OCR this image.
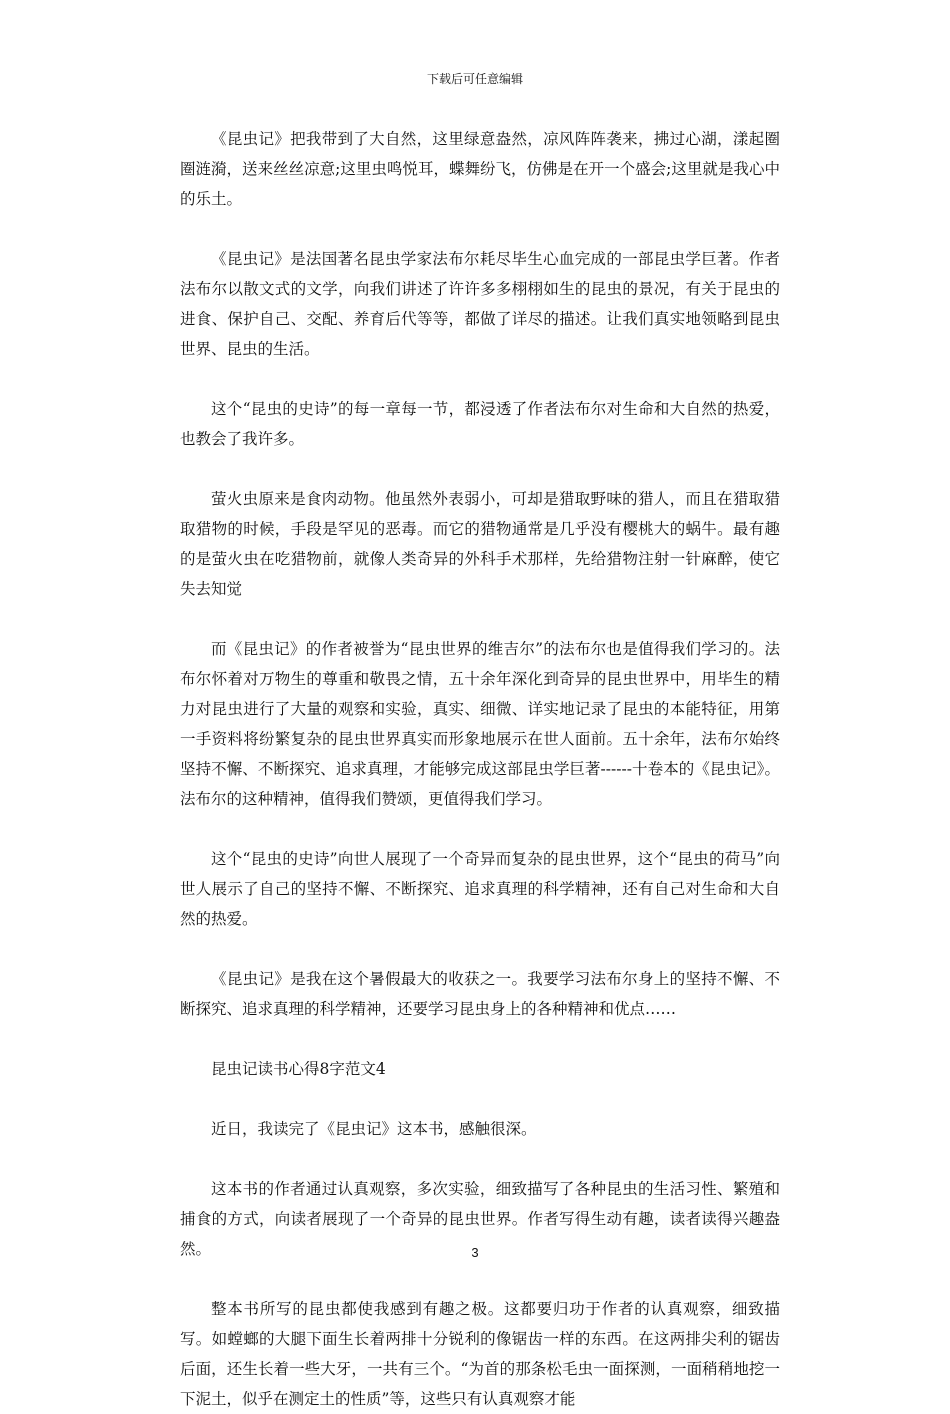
下载后可任意编辑

《昆虫记》把我带到了大自然，这里绿意盎然，凉风阵阵袭来，拂过心湖，漾起圈圈涟漪，送来丝丝凉意;这里虫鸣悦耳，蝶舞纷飞，仿佛是在开一个盛会;这里就是我心中的乐土。

《昆虫记》是法国著名昆虫学家法布尔耗尽毕生心血完成的一部昆虫学巨著。作者法布尔以散文式的文学，向我们讲述了许许多多栩栩如生的昆虫的景况，有关于昆虫的进食、保护自己、交配、养育后代等等，都做了详尽的描述。让我们真实地领略到昆虫世界、昆虫的生活。

这个“昆虫的史诗”的每一章每一节，都浸透了作者法布尔对生命和大自然的热爱，也教会了我许多。

萤火虫原来是食肉动物。他虽然外表弱小，可却是猎取野味的猎人，而且在猎取猎取猎物的时候，手段是罕见的恶毒。而它的猎物通常是几乎没有樱桃大的蜗牛。最有趣的是萤火虫在吃猎物前，就像人类奇异的外科手术那样，先给猎物注射一针麻醉，使它失去知觉

而《昆虫记》的作者被誉为“昆虫世界的维吉尔”的法布尔也是值得我们学习的。法布尔怀着对万物生的尊重和敬畏之情，五十余年深化到奇异的昆虫世界中，用毕生的精力对昆虫进行了大量的观察和实验，真实、细微、详实地记录了昆虫的本能特征，用第一手资料将纷繁复杂的昆虫世界真实而形象地展示在世人面前。五十余年，法布尔始终坚持不懈、不断探究、追求真理，才能够完成这部昆虫学巨著------十卷本的《昆虫记》。法布尔的这种精神，值得我们赞颂，更值得我们学习。

这个“昆虫的史诗”向世人展现了一个奇异而复杂的昆虫世界，这个“昆虫的荷马”向世人展示了自己的坚持不懈、不断探究、追求真理的科学精神，还有自己对生命和大自然的热爱。

《昆虫记》是我在这个暑假最大的收获之一。我要学习法布尔身上的坚持不懈、不断探究、追求真理的科学精神，还要学习昆虫身上的各种精神和优点……

昆虫记读书心得8字范文4

近日，我读完了《昆虫记》这本书，感触很深。

这本书的作者通过认真观察，多次实验，细致描写了各种昆虫的生活习性、繁殖和捕食的方式，向读者展现了一个奇异的昆虫世界。作者写得生动有趣，读者读得兴趣盎然。

整本书所写的昆虫都使我感到有趣之极。这都要归功于作者的认真观察，细致描写。如螳螂的大腿下面生长着两排十分锐利的像锯齿一样的东西。在这两排尖利的锯齿后面，还生长着一些大牙，一共有三个。“为首的那条松毛虫一面探测，一面稍稍地挖一下泥土，似乎在测定土的性质”等，这些只有认真观察才能

3
